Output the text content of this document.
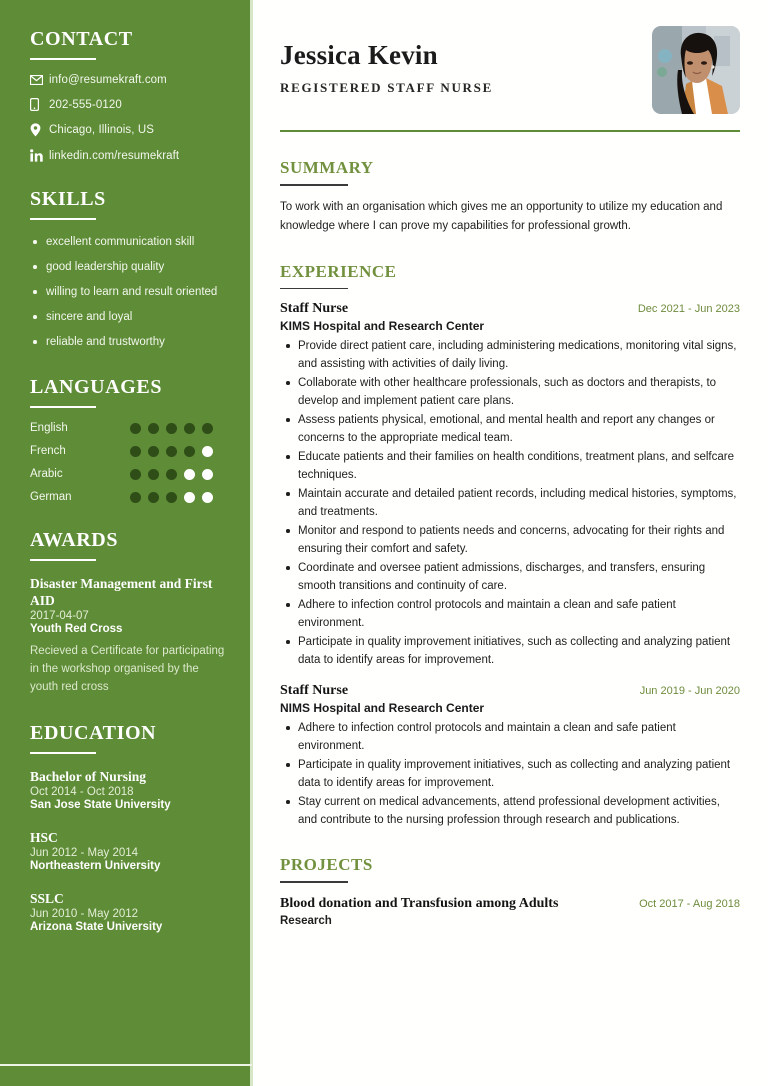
CONTACT
info@resumekraft.com
202-555-0120
Chicago, Illinois, US
linkedin.com/resumekraft
SKILLS
excellent communication skill
good leadership quality
willing to learn and result oriented
sincere and loyal
reliable and trustworthy
LANGUAGES
English
French
Arabic
German
AWARDS

Disaster Management and First AID

2017-04-07

Youth Red Cross

Recieved a Certificate for participating in the workshop organised by the youth red cross

EDUCATION

Bachelor of Nursing

Oct 2014 - Oct 2018

San Jose State University

HSC

Jun 2012 - May 2014

Northeastern University

SSLC

Jun 2010 - May 2012

Arizona State University

Jessica Kevin

REGISTERED STAFF NURSE

SUMMARY

To work with an organisation which gives me an opportunity to utilize my education and knowledge where I can prove my capabilities for professional growth.

EXPERIENCE

Staff Nurse	Dec 2021 - Jun 2023

KIMS Hospital and Research Center

Provide direct patient care, including administering medications, monitoring vital signs, and assisting with activities of daily living.
Collaborate with other healthcare professionals, such as doctors and therapists, to develop and implement patient care plans.
Assess patients physical, emotional, and mental health and report any changes or concerns to the appropriate medical team.
Educate patients and their families on health conditions, treatment plans, and selfcare techniques.
Maintain accurate and detailed patient records, including medical histories, symptoms, and treatments.
Monitor and respond to patients needs and concerns, advocating for their rights and ensuring their comfort and safety.
Coordinate and oversee patient admissions, discharges, and transfers, ensuring smooth transitions and continuity of care.
Adhere to infection control protocols and maintain a clean and safe patient environment.
Participate in quality improvement initiatives, such as collecting and analyzing patient data to identify areas for improvement.

Staff Nurse	Jun 2019 - Jun 2020

NIMS Hospital and Research Center

Adhere to infection control protocols and maintain a clean and safe patient environment.
Participate in quality improvement initiatives, such as collecting and analyzing patient data to identify areas for improvement.
Stay current on medical advancements, attend professional development activities, and contribute to the nursing profession through research and publications.
PROJECTS

Blood donation and Transfusion among Adults	Oct 2017 - Aug 2018

Research
